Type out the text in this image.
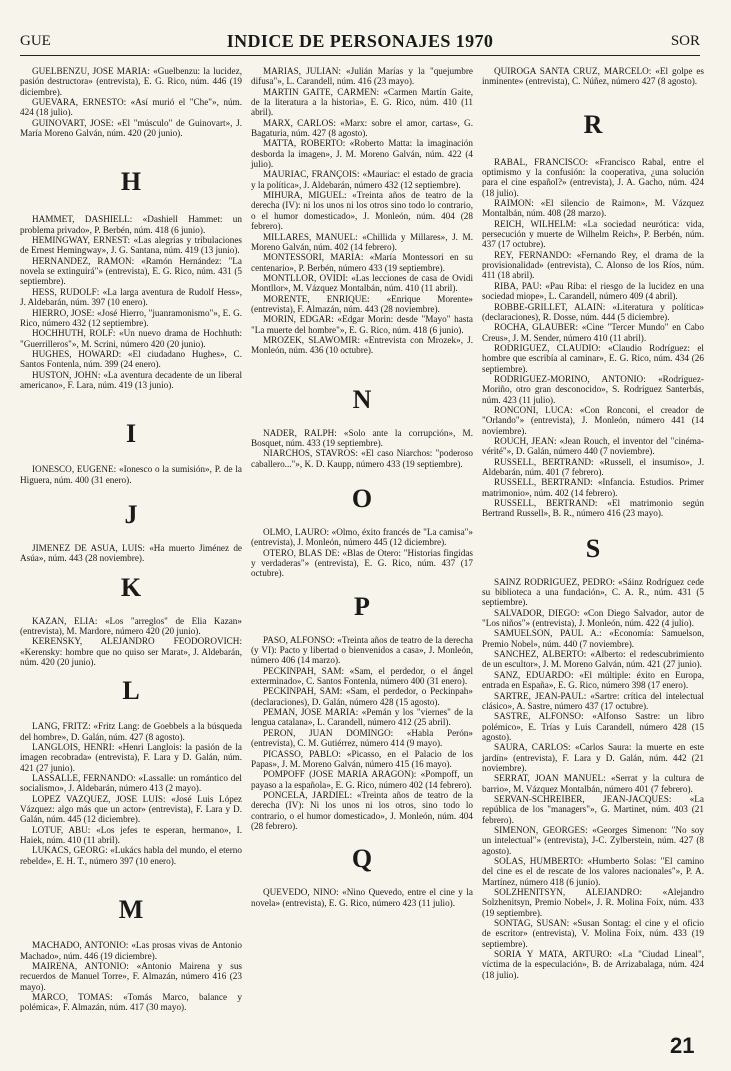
GUE	INDICE DE PERSONAJES 1970	SOR

GUELBENZU, JOSE MARIA: «Guelbenzu: la lucidez, pasión destructora» (entrevista), E. G. Rico, núm. 446 (19 diciembre).

GUEVARA, ERNESTO: «Así murió el "Che"», núm. 424 (18 julio).

GUINOVART, JOSE: «El "músculo" de Guinovart», J. María Moreno Galván, núm. 420 (20 junio).

H

HAMMET, DASHIELL: «Dashiell Hammet: un problema privado», P. Berbén, núm. 418 (6 junio).

HEMINGWAY, ERNEST: «Las alegrías y tribulaciones de Ernest Hemingway», J. G. Santana, núm. 419 (13 junio).

HERNANDEZ, RAMON: «Ramón Hernández: "La novela se extinguirá"» (entrevista), E. G. Rico, núm. 431 (5 septiembre).

HESS, RUDOLF: «La larga aventura de Rudolf Hess», J. Aldebarán, núm. 397 (10 enero).

HIERRO, JOSE: «José Hierro, "juanramonismo"», E. G. Rico, número 432 (12 septiembre).

HOCHHUTH, ROLF: «Un nuevo drama de Hochhuth: "Guerrilleros"», M. Scrini, número 420 (20 junio).

HUGHES, HOWARD: «El ciudadano Hughes», C. Santos Fontenla, núm. 399 (24 enero).

HUSTON, JOHN: «La aventura decadente de un liberal americano», F. Lara, núm. 419 (13 junio).

I

IONESCO, EUGENE: «Ionesco o la sumisión», P. de la Higuera, núm. 400 (31 enero).

J

JIMENEZ DE ASUA, LUIS: «Ha muerto Jiménez de Asúa», núm. 443 (28 noviembre).

K

KAZAN, ELIA: «Los "arreglos" de Elia Kazan» (entrevista), M. Mardore, número 420 (20 junio).

KERENSKY, ALEJANDRO FEODOROVICH: «Kerensky: hombre que no quiso ser Marat», J. Aldebarán, núm. 420 (20 junio).

L

LANG, FRITZ: «Fritz Lang: de Goebbels a la búsqueda del hombre», D. Galán, núm. 427 (8 agosto).

LANGLOIS, HENRI: «Henri Langlois: la pasión de la imagen recobrada» (entrevista), F. Lara y D. Galán, núm. 421 (27 junio).

LASSALLE, FERNANDO: «Lassalle: un romántico del socialismo», J. Aldebarán, número 413 (2 mayo).

LOPEZ VAZQUEZ, JOSE LUIS: «José Luis López Vázquez: algo más que un actor» (entrevista), F. Lara y D. Galán, núm. 445 (12 diciembre).

LOTUF, ABU: «Los jefes te esperan, hermano», I. Haiek, núm. 410 (11 abril).

LUKACS, GEORG: «Lukács habla del mundo, el eterno rebelde», E. H. T., número 397 (10 enero).

M

MACHADO, ANTONIO: «Las prosas vivas de Antonio Machado», núm. 446 (19 diciembre).

MAIRENA, ANTONIO: «Antonio Mairena y sus recuerdos de Manuel Torre», F. Almazán, número 416 (23 mayo).

MARCO, TOMAS: «Tomás Marco, balance y polémica», F. Almazán, núm. 417 (30 mayo).

MARIAS, JULIAN: «Julián Marías y la "quejumbre difusa"», L. Carandell, núm. 416 (23 mayo).

MARTIN GAITE, CARMEN: «Carmen Martín Gaite, de la literatura a la historia», E. G. Rico, núm. 410 (11 abril).

MARX, CARLOS: «Marx: sobre el amor, cartas», G. Bagaturia, núm. 427 (8 agosto).

MATTA, ROBERTO: «Roberto Matta: la imaginación desborda la imagen», J. M. Moreno Galván, núm. 422 (4 julio).

MAURIAC, FRANÇOIS: «Mauriac: el estado de gracia y la política», J. Aldebarán, número 432 (12 septiembre).

MIHURA, MIGUEL: «Treinta años de teatro de la derecha (IV): ni los unos ni los otros sino todo lo contrario, o el humor domesticado», J. Monleón, núm. 404 (28 febrero).

MILLARES, MANUEL: «Chillida y Millares», J. M. Moreno Galván, núm. 402 (14 febrero).

MONTESSORI, MARIA: «María Montessori en su centenario», P. Berbén, número 433 (19 septiembre).

MONTLLOR, OVIDI: «Las lecciones de casa de Ovidi Montllor», M. Vázquez Montalbán, núm. 410 (11 abril).

MORENTE, ENRIQUE: «Enrique Morente» (entrevista), F. Almazán, núm. 443 (28 noviembre).

MORIN, EDGAR: «Edgar Morin: desde "Mayo" hasta "La muerte del hombre"», E. G. Rico, núm. 418 (6 junio).

MROZEK, SLAWOMIR: «Entrevista con Mrozek», J. Monleón, núm. 436 (10 octubre).

N

NADER, RALPH: «Solo ante la corrupción», M. Bosquet, núm. 433 (19 septiembre).

NIARCHOS, STAVROS: «El caso Niarchos: "poderoso caballero..."», K. D. Kaupp, número 433 (19 septiembre).

O

OLMO, LAURO: «Olmo, éxito francés de "La camisa"» (entrevista), J. Monleón, número 445 (12 diciembre).

OTERO, BLAS DE: «Blas de Otero: "Historias fingidas y verdaderas"» (entrevista), E. G. Rico, núm. 437 (17 octubre).

P

PASO, ALFONSO: «Treinta años de teatro de la derecha (y VI): Pacto y libertad o bienvenidos a casa», J. Monleón, número 406 (14 marzo).

PECKINPAH, SAM: «Sam, el perdedor, o el ángel exterminado», C. Santos Fontenla, número 400 (31 enero).

PECKINPAH, SAM: «Sam, el perdedor, o Peckinpah» (declaraciones), D. Galán, número 428 (15 agosto).

PEMAN, JOSE MARIA: «Pemán y los "viernes" de la lengua catalana», L. Carandell, número 412 (25 abril).

PERON, JUAN DOMINGO: «Habla Perón» (entrevista), C. M. Gutiérrez, número 414 (9 mayo).

PICASSO, PABLO: «Picasso, en el Palacio de los Papas», J. M. Moreno Galván, número 415 (16 mayo).

POMPOFF (JOSE MARIA ARAGON): «Pompoff, un payaso a la española», E. G. Rico, número 402 (14 febrero).

PONCELA, JARDIEL: «Treinta años de teatro de la derecha (IV): Ni los unos ni los otros, sino todo lo contrario, o el humor domesticado», J. Monleón, núm. 404 (28 febrero).

Q

QUEVEDO, NINO: «Nino Quevedo, entre el cine y la novela» (entrevista), E. G. Rico, número 423 (11 julio).

QUIROGA SANTA CRUZ, MARCELO: «El golpe es inminente» (entrevista), C. Núñez, número 427 (8 agosto).

R

RABAL, FRANCISCO: «Francisco Rabal, entre el optimismo y la confusión: la cooperativa, ¿una solución para el cine español?» (entrevista), J. A. Gacho, núm. 424 (18 julio).

RAIMON: «El silencio de Raimon», M. Vázquez Montalbán, núm. 408 (28 marzo).

REICH, WILHELM: «La sociedad neurótica: vida, persecución y muerte de Wilhelm Reich», P. Berbén, núm. 437 (17 octubre).

REY, FERNANDO: «Fernando Rey, el drama de la provisionalidad» (entrevista), C. Alonso de los Ríos, núm. 411 (18 abril).

RIBA, PAU: «Pau Riba: el riesgo de la lucidez en una sociedad miope», L. Carandell, número 409 (4 abril).

ROBBE-GRILLET, ALAIN: «Literatura y política» (declaraciones), R. Dosse, núm. 444 (5 diciembre).

ROCHA, GLAUBER: «Cine "Tercer Mundo" en Cabo Creus», J. M. Sender, número 410 (11 abril).

RODRIGUEZ, CLAUDIO: «Claudio Rodríguez: el hombre que escribía al caminar», E. G. Rico, núm. 434 (26 septiembre).

RODRIGUEZ-MORINO, ANTONIO: «Rodríguez-Moriño, otro gran desconocido», S. Rodríguez Santerbás, núm. 423 (11 julio).

RONCONI, LUCA: «Con Ronconi, el creador de "Orlando"» (entrevista), J. Monleón, número 441 (14 noviembre).

ROUCH, JEAN: «Jean Rouch, el inventor del "cinéma-vérité"», D. Galán, número 440 (7 noviembre).

RUSSELL, BERTRAND: «Russell, el insumiso», J. Aldebarán, núm. 401 (7 febrero).

RUSSELL, BERTRAND: «Infancia. Estudios. Primer matrimonio», núm. 402 (14 febrero).

RUSSELL, BERTRAND: «El matrimonio según Bertrand Russell», B. R., número 416 (23 mayo).

S

SAINZ RODRIGUEZ, PEDRO: «Sáinz Rodríguez cede su biblioteca a una fundación», C. A. R., núm. 431 (5 septiembre).

SALVADOR, DIEGO: «Con Diego Salvador, autor de "Los niños"» (entrevista), J. Monleón, núm. 422 (4 julio).

SAMUELSON, PAUL A.: «Economía: Samuelson, Premio Nobel», núm. 440 (7 noviembre).

SANCHEZ, ALBERTO: «Alberto: el redescubrimiento de un escultor», J. M. Moreno Galván, núm. 421 (27 junio).

SANZ, EDUARDO: «El múltiple: éxito en Europa, entrada en España», E. G. Rico, número 398 (17 enero).

SARTRE, JEAN-PAUL: «Sartre: crítica del intelectual clásico», A. Sastre, número 437 (17 octubre).

SASTRE, ALFONSO: «Alfonso Sastre: un libro polémico», E. Trías y Luis Carandell, número 428 (15 agosto).

SAURA, CARLOS: «Carlos Saura: la muerte en este jardín» (entrevista), F. Lara y D. Galán, núm. 442 (21 noviembre).

SERRAT, JOAN MANUEL: «Serrat y la cultura de barrio», M. Vázquez Montalbán, número 401 (7 febrero).

SERVAN-SCHREIBER, JEAN-JACQUES: «La república de los "managers"», G. Martinet, núm. 403 (21 febrero).

SIMENON, GEORGES: «Georges Simenon: "No soy un intelectual"» (entrevista), J-C. Zylberstein, núm. 427 (8 agosto).

SOLAS, HUMBERTO: «Humberto Solas: "El camino del cine es el de rescate de los valores nacionales"», P. A. Martínez, número 418 (6 junio).

SOLZHENITSYN, ALEJANDRO: «Alejandro Solzhenitsyn, Premio Nobel», J. R. Molina Foix, núm. 433 (19 septiembre).

SONTAG, SUSAN: «Susan Sontag: el cine y el oficio de escritor» (entrevista), V. Molina Foix, núm. 433 (19 septiembre).

SORIA Y MATA, ARTURO: «La "Ciudad Lineal", víctima de la especulación», B. de Arrizabalaga, núm. 424 (18 julio).

21
